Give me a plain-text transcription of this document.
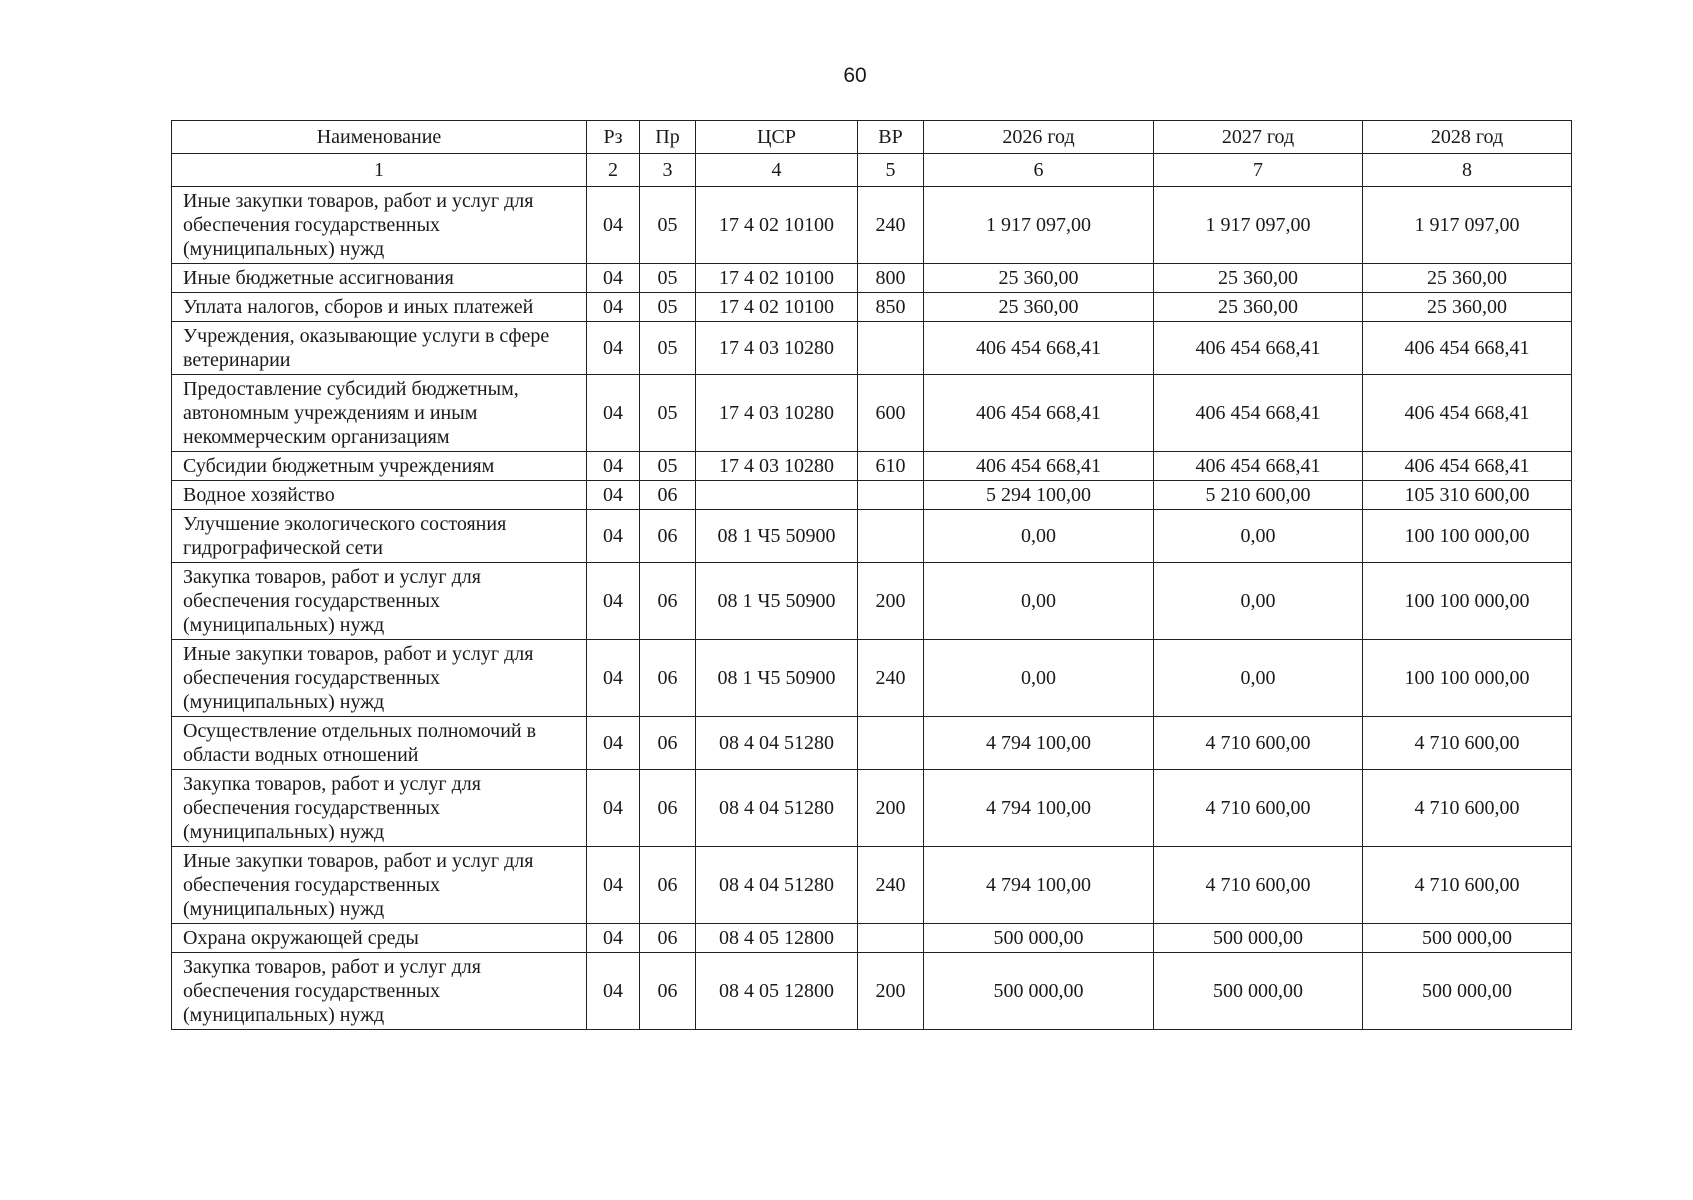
60
Наименование	Рз	Пр	ЦСР	ВР	2026 год	2027 год	2028 год
1	2	3	4	5	6	7	8
Иные закупки товаров, работ и услуг для обеспечения государственных (муниципальных) нужд	04	05	17 4 02 10100	240	1 917 097,00	1 917 097,00	1 917 097,00
Иные бюджетные ассигнования	04	05	17 4 02 10100	800	25 360,00	25 360,00	25 360,00
Уплата налогов, сборов и иных платежей	04	05	17 4 02 10100	850	25 360,00	25 360,00	25 360,00
Учреждения, оказывающие услуги в сфере ветеринарии	04	05	17 4 03 10280		406 454 668,41	406 454 668,41	406 454 668,41
Предоставление субсидий бюджетным, автономным учреждениям и иным некоммерческим организациям	04	05	17 4 03 10280	600	406 454 668,41	406 454 668,41	406 454 668,41
Субсидии бюджетным учреждениям	04	05	17 4 03 10280	610	406 454 668,41	406 454 668,41	406 454 668,41
Водное хозяйство	04	06			5 294 100,00	5 210 600,00	105 310 600,00
Улучшение экологического состояния гидрографической сети	04	06	08 1 Ч5 50900		0,00	0,00	100 100 000,00
Закупка товаров, работ и услуг для обеспечения государственных (муниципальных) нужд	04	06	08 1 Ч5 50900	200	0,00	0,00	100 100 000,00
Иные закупки товаров, работ и услуг для обеспечения государственных (муниципальных) нужд	04	06	08 1 Ч5 50900	240	0,00	0,00	100 100 000,00
Осуществление отдельных полномочий в области водных отношений	04	06	08 4 04 51280		4 794 100,00	4 710 600,00	4 710 600,00
Закупка товаров, работ и услуг для обеспечения государственных (муниципальных) нужд	04	06	08 4 04 51280	200	4 794 100,00	4 710 600,00	4 710 600,00
Иные закупки товаров, работ и услуг для обеспечения государственных (муниципальных) нужд	04	06	08 4 04 51280	240	4 794 100,00	4 710 600,00	4 710 600,00
Охрана окружающей среды	04	06	08 4 05 12800		500 000,00	500 000,00	500 000,00
Закупка товаров, работ и услуг для обеспечения государственных (муниципальных) нужд	04	06	08 4 05 12800	200	500 000,00	500 000,00	500 000,00
